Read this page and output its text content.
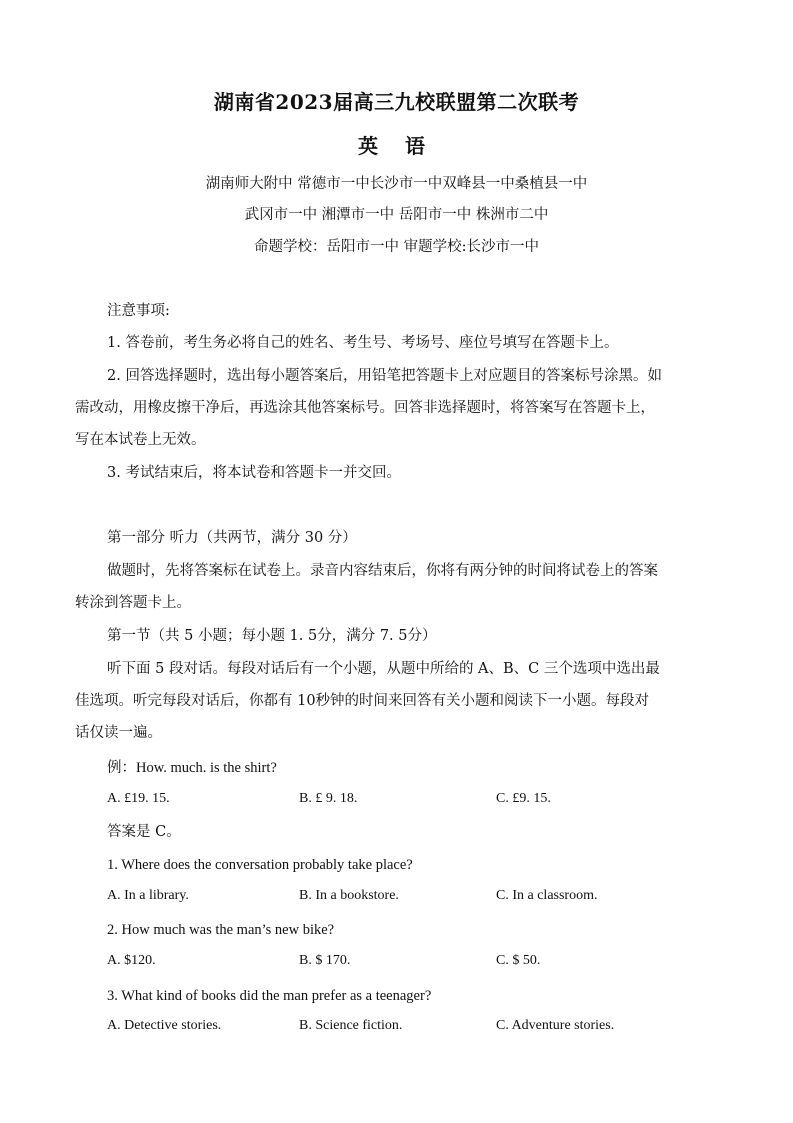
湖南省2023届高三九校联盟第二次联考
英 语
湖南师大附中 常德市一中长沙市一中双峰县一中桑植县一中
武冈市一中 湘潭市一中 岳阳市一中 株洲市二中
命题学校：岳阳市一中 审题学校:长沙市一中
注意事项:
1. 答卷前，考生务必将自己的姓名、考生号、考场号、座位号填写在答题卡上。
2. 回答选择题时，选出每小题答案后，用铅笔把答题卡上对应题目的答案标号涂黑。如
需改动，用橡皮擦干净后，再选涂其他答案标号。回答非选择题时，将答案写在答题卡上，
写在本试卷上无效。
3. 考试结束后，将本试卷和答题卡一并交回。
第一部分 听力（共两节，满分 30 分）
做题时，先将答案标在试卷上。录音内容结束后，你将有两分钟的时间将试卷上的答案
转涂到答题卡上。
第一节（共 5 小题；每小题 1. 5分，满分 7. 5分）
听下面 5 段对话。每段对话后有一个小题，从题中所给的 A、B、C 三个选项中选出最
佳选项。听完每段对话后，你都有 10秒钟的时间来回答有关小题和阅读下一小题。每段对
话仅读一遍。
例：How. much. is the shirt?
A. £19. 15.	B. £ 9. 18.	C. £9. 15.
答案是 C。
1. Where does the conversation probably take place?
A. In a library.	B. In a bookstore.	C. In a classroom.
2. How much was the man’s new bike?
A. $120.	B. $ 170.	C. $ 50.
3. What kind of books did the man prefer as a teenager?
A. Detective stories.	B. Science fiction.	C. Adventure stories.
